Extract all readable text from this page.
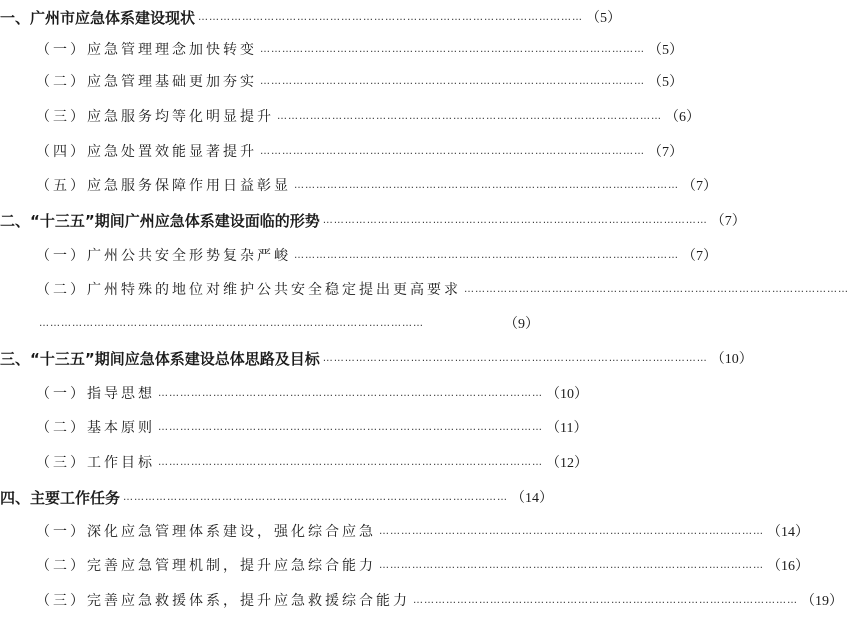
一、广州市应急体系建设现状 …………………………………………………………………………………………… （5）
（一）应急管理理念加快转变 …………………………………………………………………………………………… （5）
（二）应急管理基础更加夯实 …………………………………………………………………………………………… （5）
（三）应急服务均等化明显提升 …………………………………………………………………………………………… （6）
（四）应急处置效能显著提升 …………………………………………………………………………………………… （7）
（五）应急服务保障作用日益彰显 …………………………………………………………………………………………… （7）
二、“十三五”期间广州应急体系建设面临的形势 …………………………………………………………………………………………… （7）
（一）广州公共安全形势复杂严峻 …………………………………………………………………………………………… （7）
（二）广州特殊的地位对维护公共安全稳定提出更高要求 ……………………………………………………………………………………………
……………………………………………………………………………………………	（9）
三、“十三五”期间应急体系建设总体思路及目标 …………………………………………………………………………………………… （10）
（一）指导思想 …………………………………………………………………………………………… （10）
（二）基本原则 …………………………………………………………………………………………… （11）
（三）工作目标 …………………………………………………………………………………………… （12）
四、主要工作任务 …………………………………………………………………………………………… （14）
（一）深化应急管理体系建设，强化综合应急 …………………………………………………………………………………………… （14）
（二）完善应急管理机制，提升应急综合能力 …………………………………………………………………………………………… （16）
（三）完善应急救援体系，提升应急救援综合能力 …………………………………………………………………………………………… （19）
